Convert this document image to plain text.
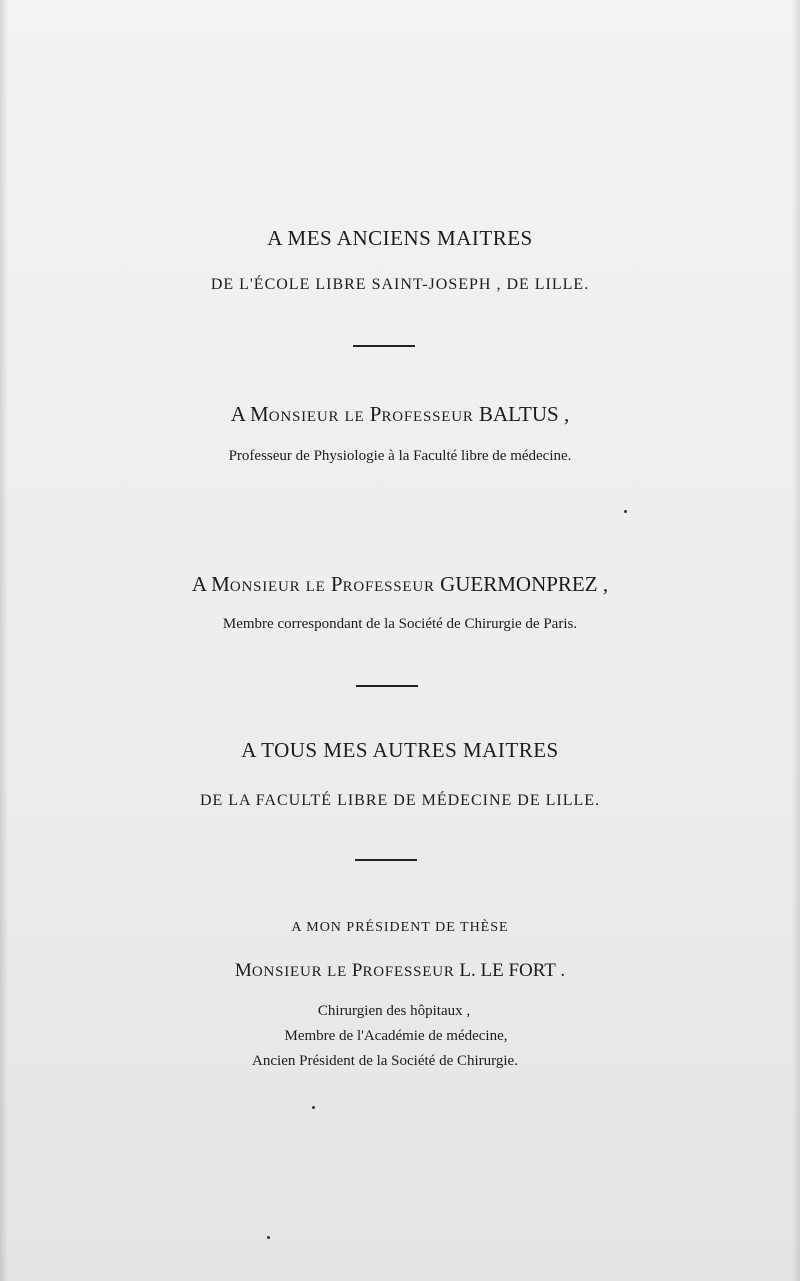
A MES ANCIENS MAITRES
DE L'ÉCOLE LIBRE SAINT-JOSEPH , DE LILLE.
A MONSIEUR LE PROFESSEUR BALTUS ,
Professeur de Physiologie à la Faculté libre de médecine.
A MONSIEUR LE PROFESSEUR GUERMONPREZ ,
Membre correspondant de la Société de Chirurgie de Paris.
A TOUS MES AUTRES MAITRES
DE LA FACULTÉ LIBRE DE MÉDECINE DE LILLE.
A MON PRÉSIDENT DE THÈSE
MONSIEUR LE PROFESSEUR L. LE FORT .
Chirurgien des hôpitaux ,
Membre de l'Académie de médecine,
Ancien Président de la Société de Chirurgie.
